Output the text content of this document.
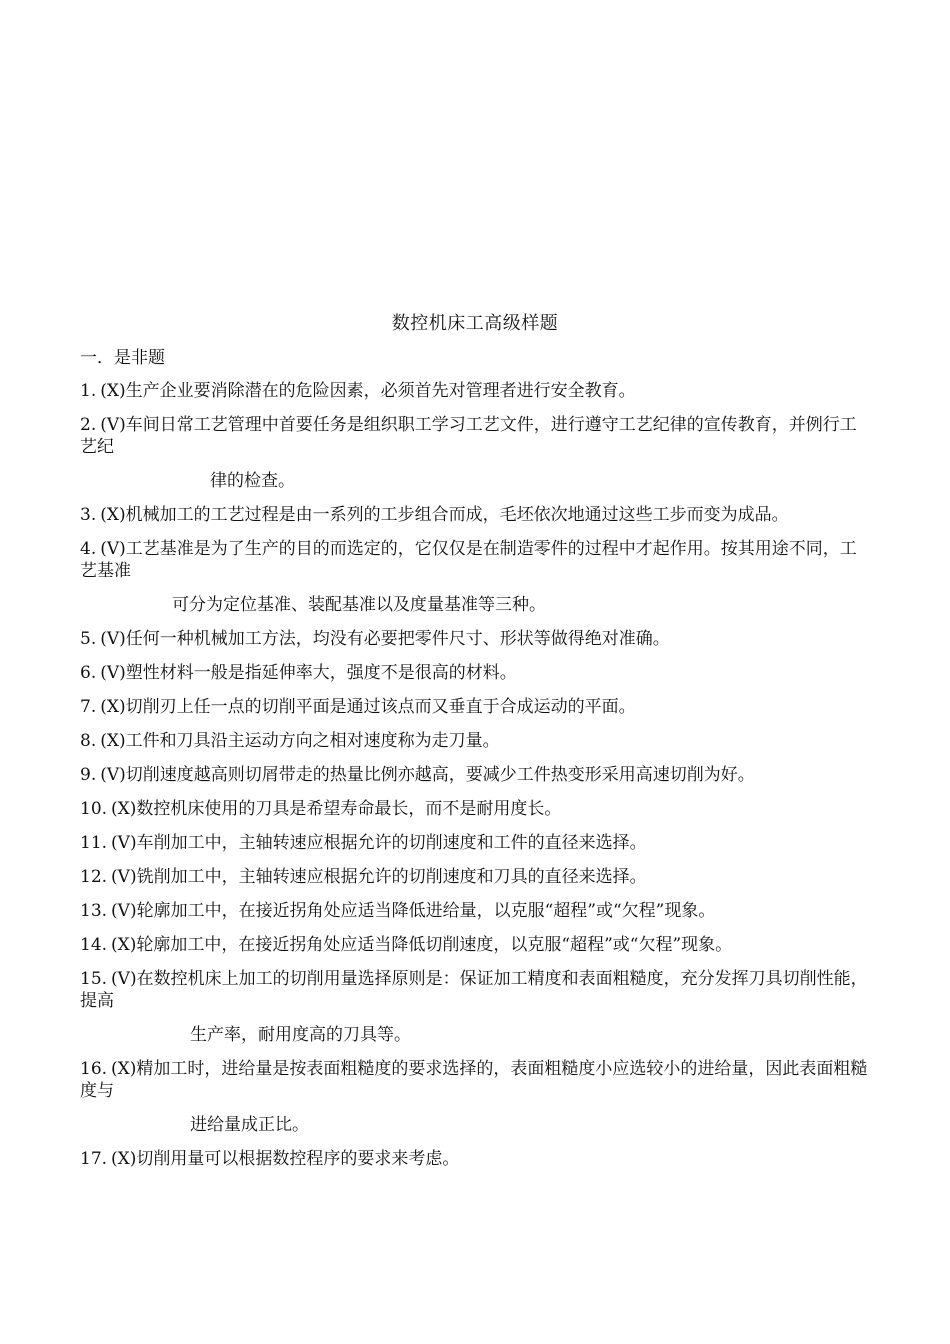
数控机床工高级样题
一．是非题
1. (X)生产企业要消除潜在的危险因素，必须首先对管理者进行安全教育。
2. (V)车间日常工艺管理中首要任务是组织职工学习工艺文件，进行遵守工艺纪律的宣传教育，并例行工艺纪
律的检查。
3. (X)机械加工的工艺过程是由一系列的工步组合而成，毛坯依次地通过这些工步而变为成品。
4. (V)工艺基准是为了生产的目的而选定的，它仅仅是在制造零件的过程中才起作用。按其用途不同，工艺基准
可分为定位基准、装配基准以及度量基准等三种。
5. (V)任何一种机械加工方法，均没有必要把零件尺寸、形状等做得绝对准确。
6. (V)塑性材料一般是指延伸率大，强度不是很高的材料。
7. (X)切削刃上任一点的切削平面是通过该点而又垂直于合成运动的平面。
8. (X)工件和刀具沿主运动方向之相对速度称为走刀量。
9. (V)切削速度越高则切屑带走的热量比例亦越高，要减少工件热变形采用高速切削为好。
10. (X)数控机床使用的刀具是希望寿命最长，而不是耐用度长。
11. (V)车削加工中，主轴转速应根据允许的切削速度和工件的直径来选择。
12. (V)铣削加工中，主轴转速应根据允许的切削速度和刀具的直径来选择。
13. (V)轮廓加工中，在接近拐角处应适当降低进给量，以克服“超程”或“欠程”现象。
14. (X)轮廓加工中，在接近拐角处应适当降低切削速度，以克服“超程”或“欠程”现象。
15. (V)在数控机床上加工的切削用量选择原则是：保证加工精度和表面粗糙度，充分发挥刀具切削性能，提高
生产率，耐用度高的刀具等。
16. (X)精加工时，进给量是按表面粗糙度的要求选择的，表面粗糙度小应选较小的进给量，因此表面粗糙度与
进给量成正比。
17. (X)切削用量可以根据数控程序的要求来考虑。
